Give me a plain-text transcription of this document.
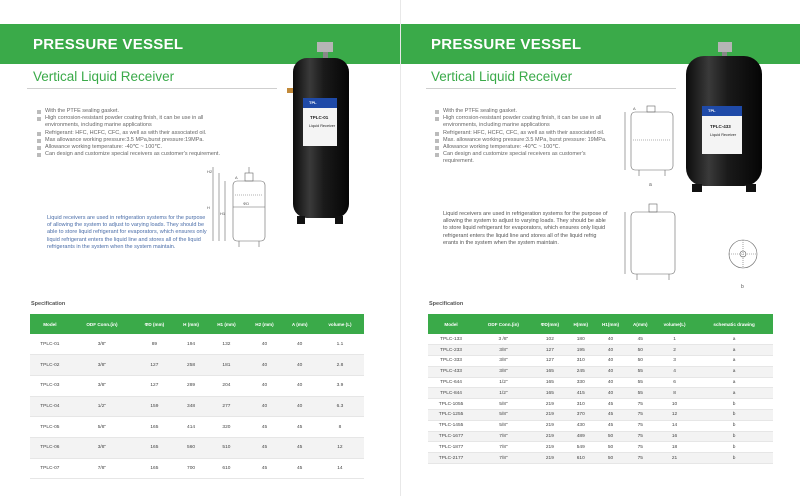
PRESSURE VESSEL
Vertical Liquid Receiver
With the PTFE sealing gasket.
High corrosion-resistant powder coating finish, it can be use in all environments, including marine applications
Refrigerant: HFC, HCFC, CFC, as well as with their associated oil.
Max allowance working pressure:3.5 MPa,burst pressure:19MPa.
Allowance working temperature: -40℃ ~ 100℃.
Can design and customize special receivers as customer's requirement.
Liquid receivers are used in refrigeration systems for the purpose of allowing the system to adjust to varying loads. They should be able to store liquid refrigerant for evaporators, which ensures only liquid refrigerant enters the liquid line and stores all of the liquid refrigerants in the system when the system maintain.
TPL
TPLC-01
Liquid Receiver
H2
H
H1
ΦD
A
Specification
Model	ODF Conn.(in)	ΦD (mm)	H (mm)	H1 (mm)	H2 (mm)	A (mm)	volume (L)
TPLC-01	3/8"	89	194	132	40	40	1.1
TPLC-02	3/8"	127	258	181	40	40	2.8
TPLC-03	3/8"	127	289	204	40	40	3.9
TPLC-04	1/2"	159	348	277	40	40	6.3
TPLC-05	5/8"	165	414	320	45	45	8
TPLC-06	3/8"	165	560	510	45	45	12
TPLC-07	7/8"	165	700	610	45	45	14
PRESSURE VESSEL
Vertical Liquid Receiver
With the PTFE sealing gasket.
High corrosion-resistant powder coating finish, it can be use in all environments, including marine applications
Refrigerant: HFC, HCFC, CFC, as well as with their associated oil.
Max. allowance working pressure:3.5 MPa, burst pressure: 19MPa.
Allowance working temperature: -40℃ ~ 100℃.
Can design and customize special receivers as customer's requirement.
Liquid receivers are used in refrigeration systems for the purpose of allowing the system to adjust to varying loads. They should be able to store liquid refrigerant for evaporators, which ensures only liquid refrigerant enters the liquid line and stores all of the liquid refrig erants in the system when the system maintain.
TPL
TPLC-433
Liquid Receiver
A
a
b
Specification
Model	ODF Conn.(in)	ΦD(mm)	H(mm)	H1(mm)	A(mm)	volume(L)	schematic drawing
TPLC-133	3 /8"	102	180	40	45	1	a
TPLC-233	3/8"	127	195	40	50	2	a
TPLC-333	3/8"	127	310	40	50	3	a
TPLC-433	3/8"	165	245	40	55	4	a
TPLC-644	1/2"	165	330	40	55	6	a
TPLC-844	1/2"	165	415	40	55	8	a
TPLC-1055	5/8"	219	310	45	75	10	b
TPLC-1255	5/8"	219	370	45	75	12	b
TPLC-1455	5/8"	219	430	45	75	14	b
TPLC-1677	7/8"	219	489	50	75	16	b
TPLC-1877	7/8"	219	549	50	75	18	b
TPLC-2177	7/8"	219	610	50	75	21	b
